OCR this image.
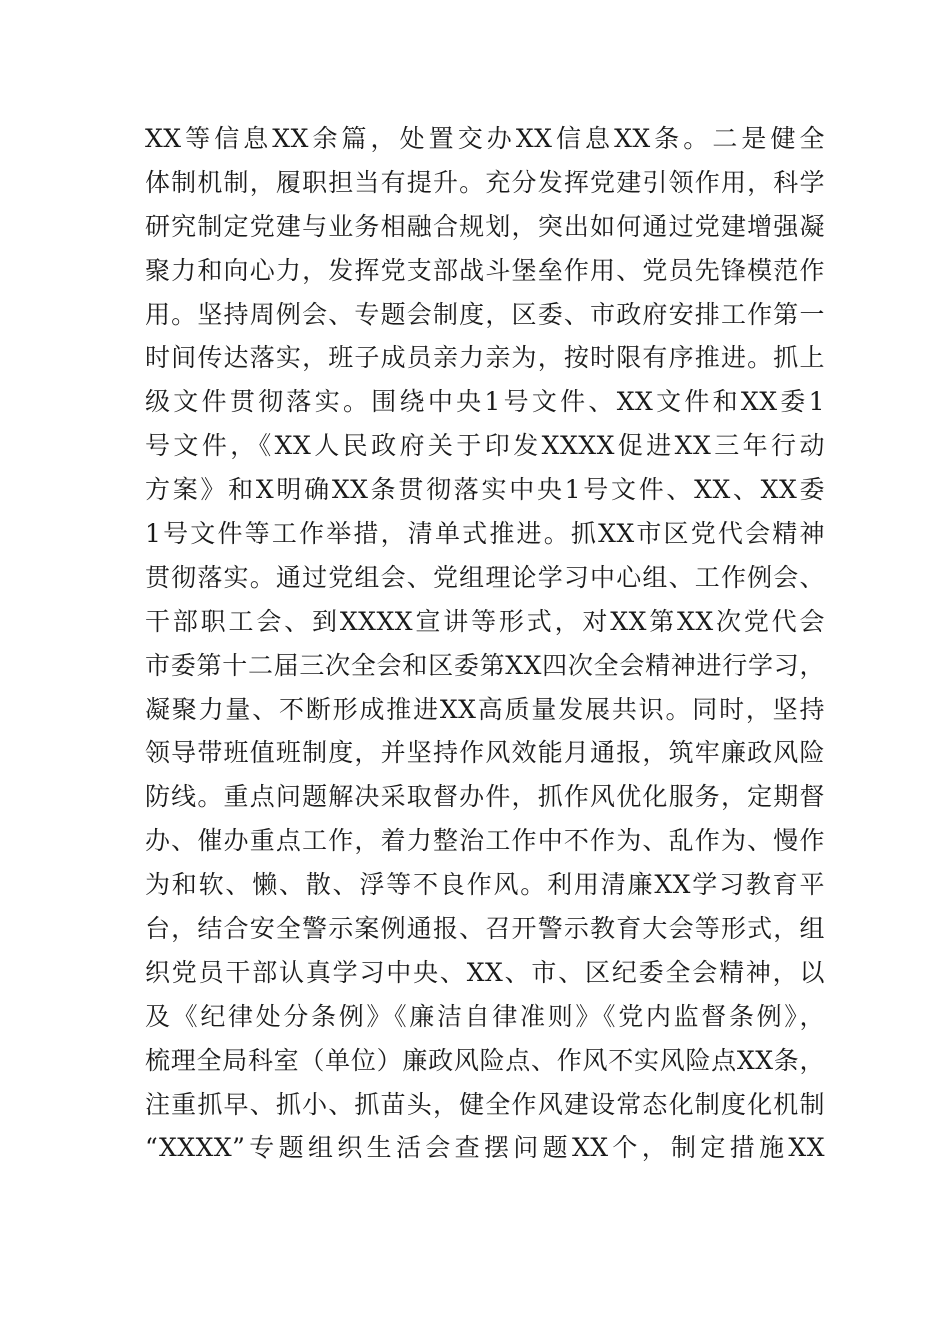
XX等信息XX余篇，处置交办XX信息XX条。二是健全
体制机制，履职担当有提升。充分发挥党建引领作用，科学
研究制定党建与业务相融合规划，突出如何通过党建增强凝
聚力和向心力，发挥党支部战斗堡垒作用、党员先锋模范作
用。坚持周例会、专题会制度，区委、市政府安排工作第一
时间传达落实，班子成员亲力亲为，按时限有序推进。抓上
级文件贯彻落实。围绕中央1号文件、XX文件和XX委1
号文件，《XX人民政府关于印发XXXX促进XX三年行动
方案》和X明确XX条贯彻落实中央1号文件、XX、XX委
1号文件等工作举措，清单式推进。抓XX市区党代会精神
贯彻落实。通过党组会、党组理论学习中心组、工作例会、
干部职工会、到XXXX宣讲等形式，对XX第XX次党代会
市委第十二届三次全会和区委第XX四次全会精神进行学习，
凝聚力量、不断形成推进XX高质量发展共识。同时，坚持
领导带班值班制度，并坚持作风效能月通报，筑牢廉政风险
防线。重点问题解决采取督办件，抓作风优化服务，定期督
办、催办重点工作，着力整治工作中不作为、乱作为、慢作
为和软、懒、散、浮等不良作风。利用清廉XX学习教育平
台，结合安全警示案例通报、召开警示教育大会等形式，组
织党员干部认真学习中央、XX、市、区纪委全会精神，以
及《纪律处分条例》《廉洁自律准则》《党内监督条例》，
梳理全局科室（单位）廉政风险点、作风不实风险点XX条，
注重抓早、抓小、抓苗头，健全作风建设常态化制度化机制
“XXXX”专题组织生活会查摆问题XX个，制定措施XX
